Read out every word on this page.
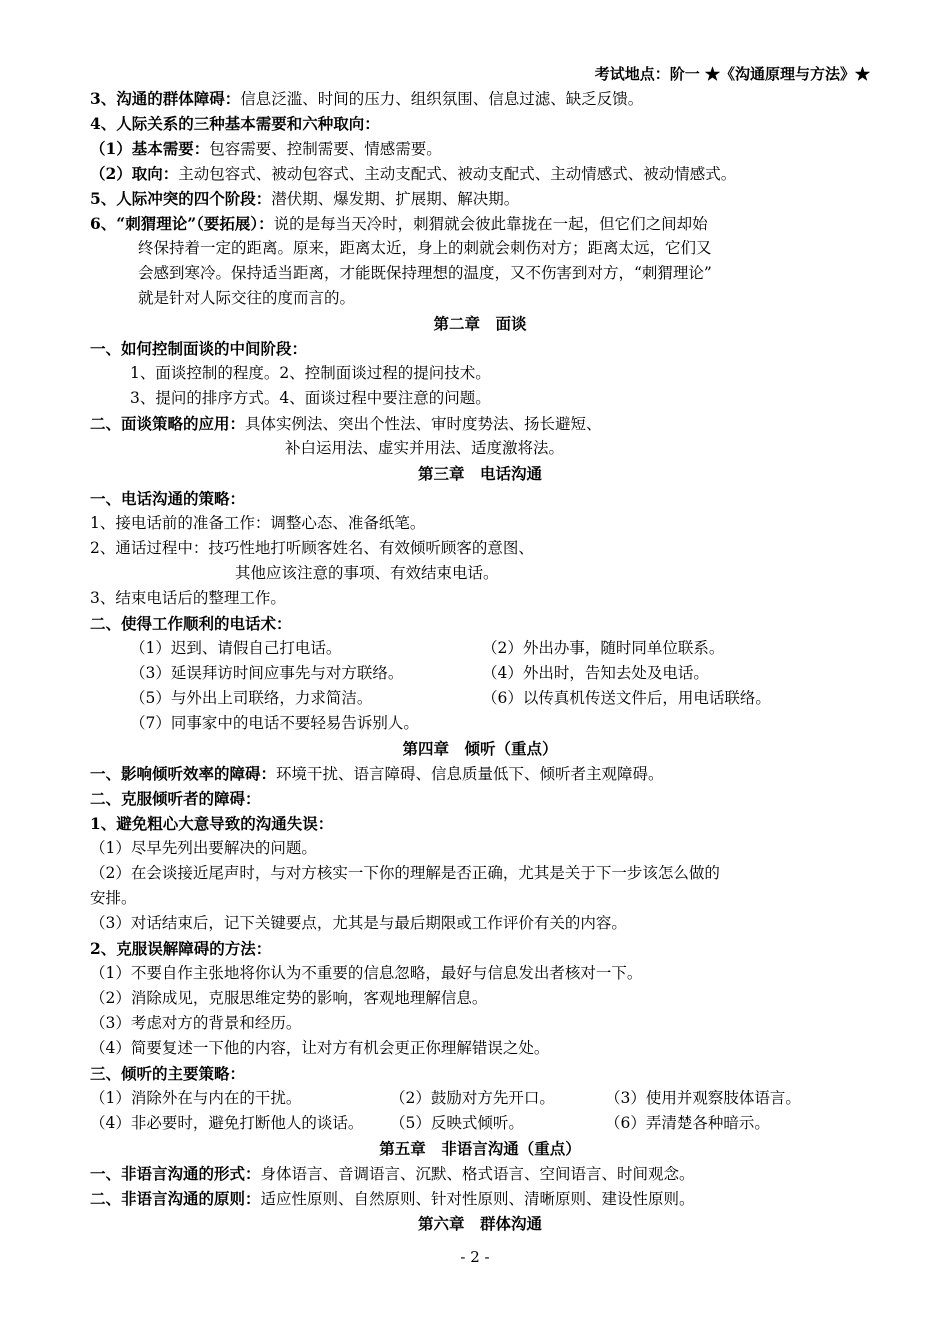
考试地点：阶一 ★《沟通原理与方法》★
3、沟通的群体障碍：信息泛滥、时间的压力、组织氛围、信息过滤、缺乏反馈。
4、人际关系的三种基本需要和六种取向：
（1）基本需要：包容需要、控制需要、情感需要。
（2）取向：主动包容式、被动包容式、主动支配式、被动支配式、主动情感式、被动情感式。
5、人际冲突的四个阶段：潜伏期、爆发期、扩展期、解决期。
6、“刺猬理论”（要拓展）：说的是每当天冷时，刺猬就会彼此靠拢在一起，但它们之间却始
终保持着一定的距离。原来，距离太近，身上的刺就会刺伤对方；距离太远，它们又
会感到寒冷。保持适当距离，才能既保持理想的温度，又不伤害到对方，“刺猬理论”
就是针对人际交往的度而言的。
第二章　面谈
一、如何控制面谈的中间阶段：
1、面谈控制的程度。2、控制面谈过程的提问技术。
3、提问的排序方式。4、面谈过程中要注意的问题。
二、面谈策略的应用：具体实例法、突出个性法、审时度势法、扬长避短、
补白运用法、虚实并用法、适度激将法。
第三章　电话沟通
一、电话沟通的策略：
1、接电话前的准备工作：调整心态、准备纸笔。
2、通话过程中：技巧性地打听顾客姓名、有效倾听顾客的意图、
其他应该注意的事项、有效结束电话。
3、结束电话后的整理工作。
二、使得工作顺利的电话术：
（1）迟到、请假自己打电话。	（2）外出办事，随时同单位联系。
（3）延误拜访时间应事先与对方联络。	（4）外出时，告知去处及电话。
（5）与外出上司联络，力求简洁。	（6）以传真机传送文件后，用电话联络。
（7）同事家中的电话不要轻易告诉别人。
第四章　倾听（重点）
一、影响倾听效率的障碍：环境干扰、语言障碍、信息质量低下、倾听者主观障碍。
二、克服倾听者的障碍：
1、避免粗心大意导致的沟通失误：
（1）尽早先列出要解决的问题。
（2）在会谈接近尾声时，与对方核实一下你的理解是否正确，尤其是关于下一步该怎么做的
安排。
（3）对话结束后，记下关键要点，尤其是与最后期限或工作评价有关的内容。
2、克服误解障碍的方法：
（1）不要自作主张地将你认为不重要的信息忽略，最好与信息发出者核对一下。
（2）消除成见，克服思维定势的影响，客观地理解信息。
（3）考虑对方的背景和经历。
（4）简要复述一下他的内容，让对方有机会更正你理解错误之处。
三、倾听的主要策略：
（1）消除外在与内在的干扰。	（2）鼓励对方先开口。	（3）使用并观察肢体语言。
（4）非必要时，避免打断他人的谈话。 （5）反映式倾听。	（6）弄清楚各种暗示。
第五章　非语言沟通（重点）
一、非语言沟通的形式：身体语言、音调语言、沉默、格式语言、空间语言、时间观念。
二、非语言沟通的原则：适应性原则、自然原则、针对性原则、清晰原则、建设性原则。
第六章　群体沟通
- 2 -
